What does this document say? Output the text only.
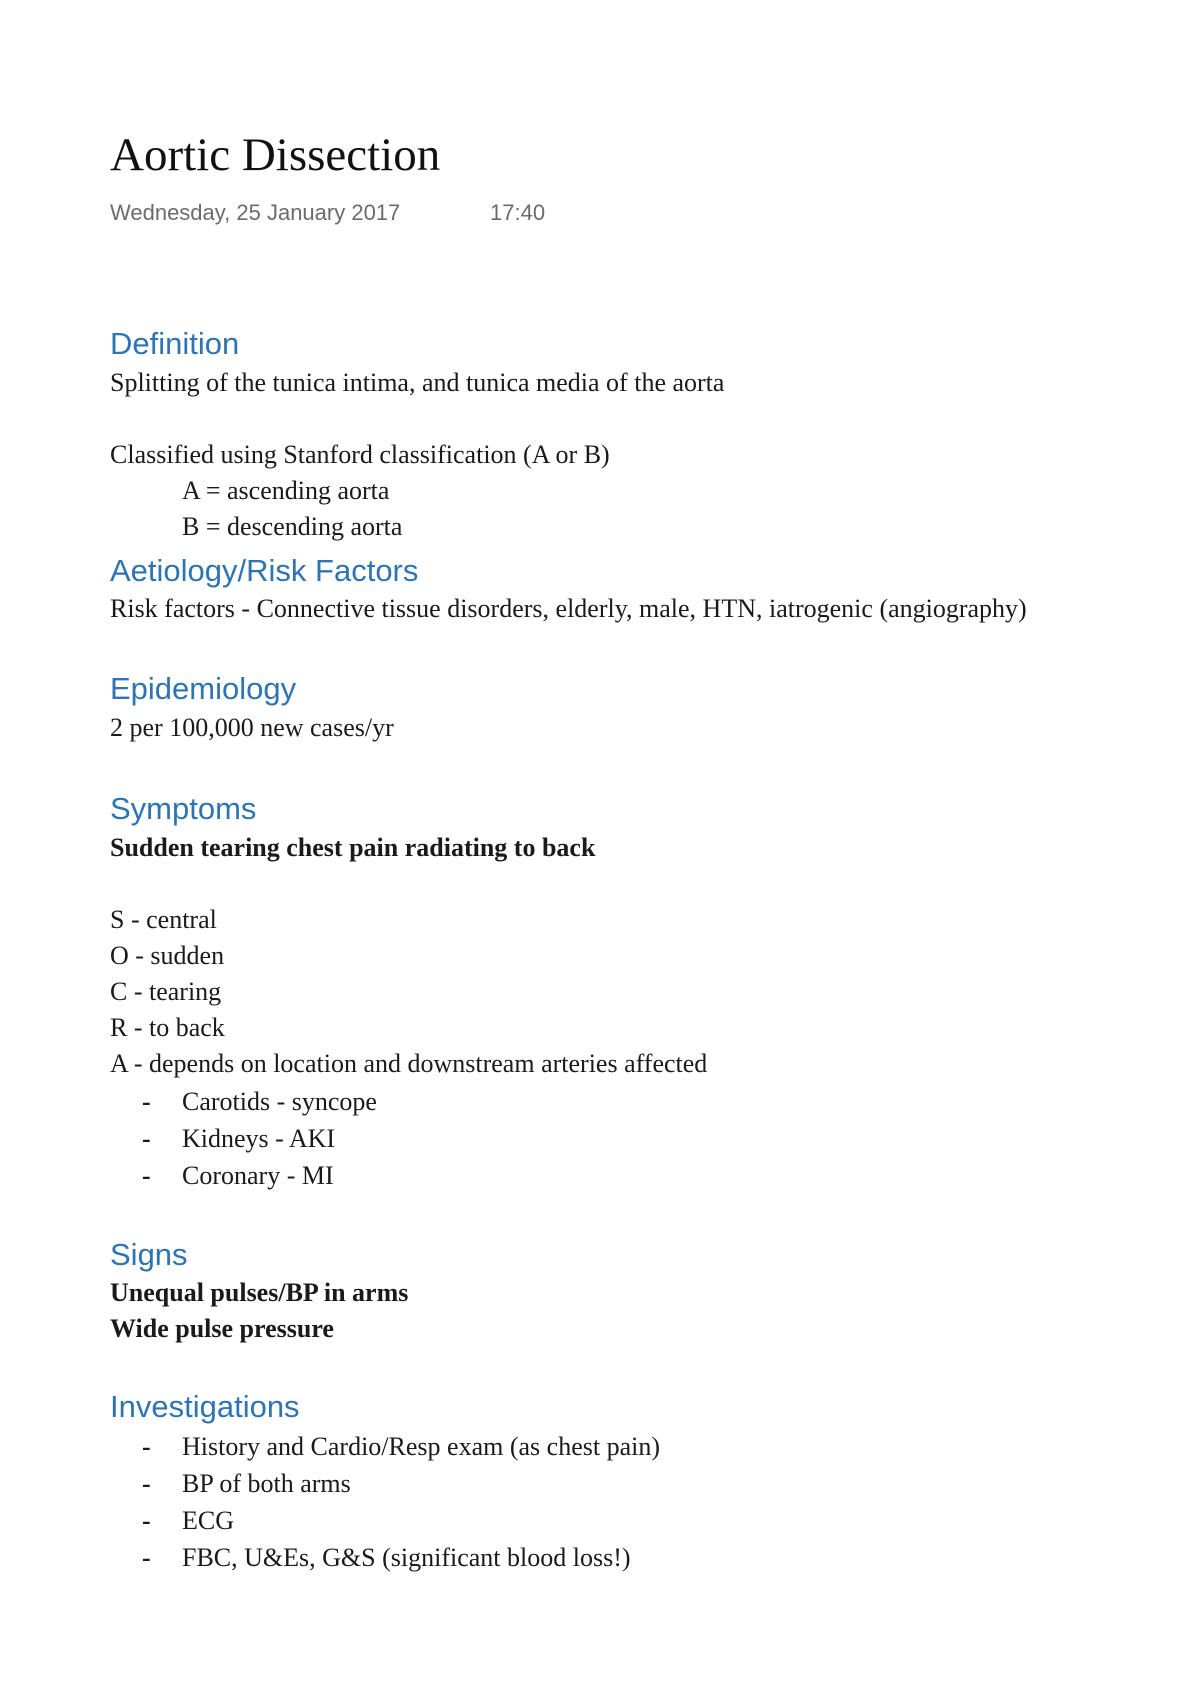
Aortic Dissection
Wednesday, 25 January 2017	17:40
Definition
Splitting of the tunica intima, and tunica media of the aorta
Classified using Stanford classification (A or B)
A = ascending aorta
B = descending aorta
Aetiology/Risk Factors
Risk factors - Connective tissue disorders, elderly, male, HTN, iatrogenic (angiography)
Epidemiology
2 per 100,000 new cases/yr
Symptoms
Sudden tearing chest pain radiating to back
S - central
O - sudden
C - tearing
R - to back
A - depends on location and downstream arteries affected
- Carotids - syncope
- Kidneys - AKI
- Coronary - MI
Signs
Unequal pulses/BP in arms
Wide pulse pressure
Investigations
- History and Cardio/Resp exam (as chest pain)
- BP of both arms
- ECG
- FBC, U&Es, G&S (significant blood loss!)
